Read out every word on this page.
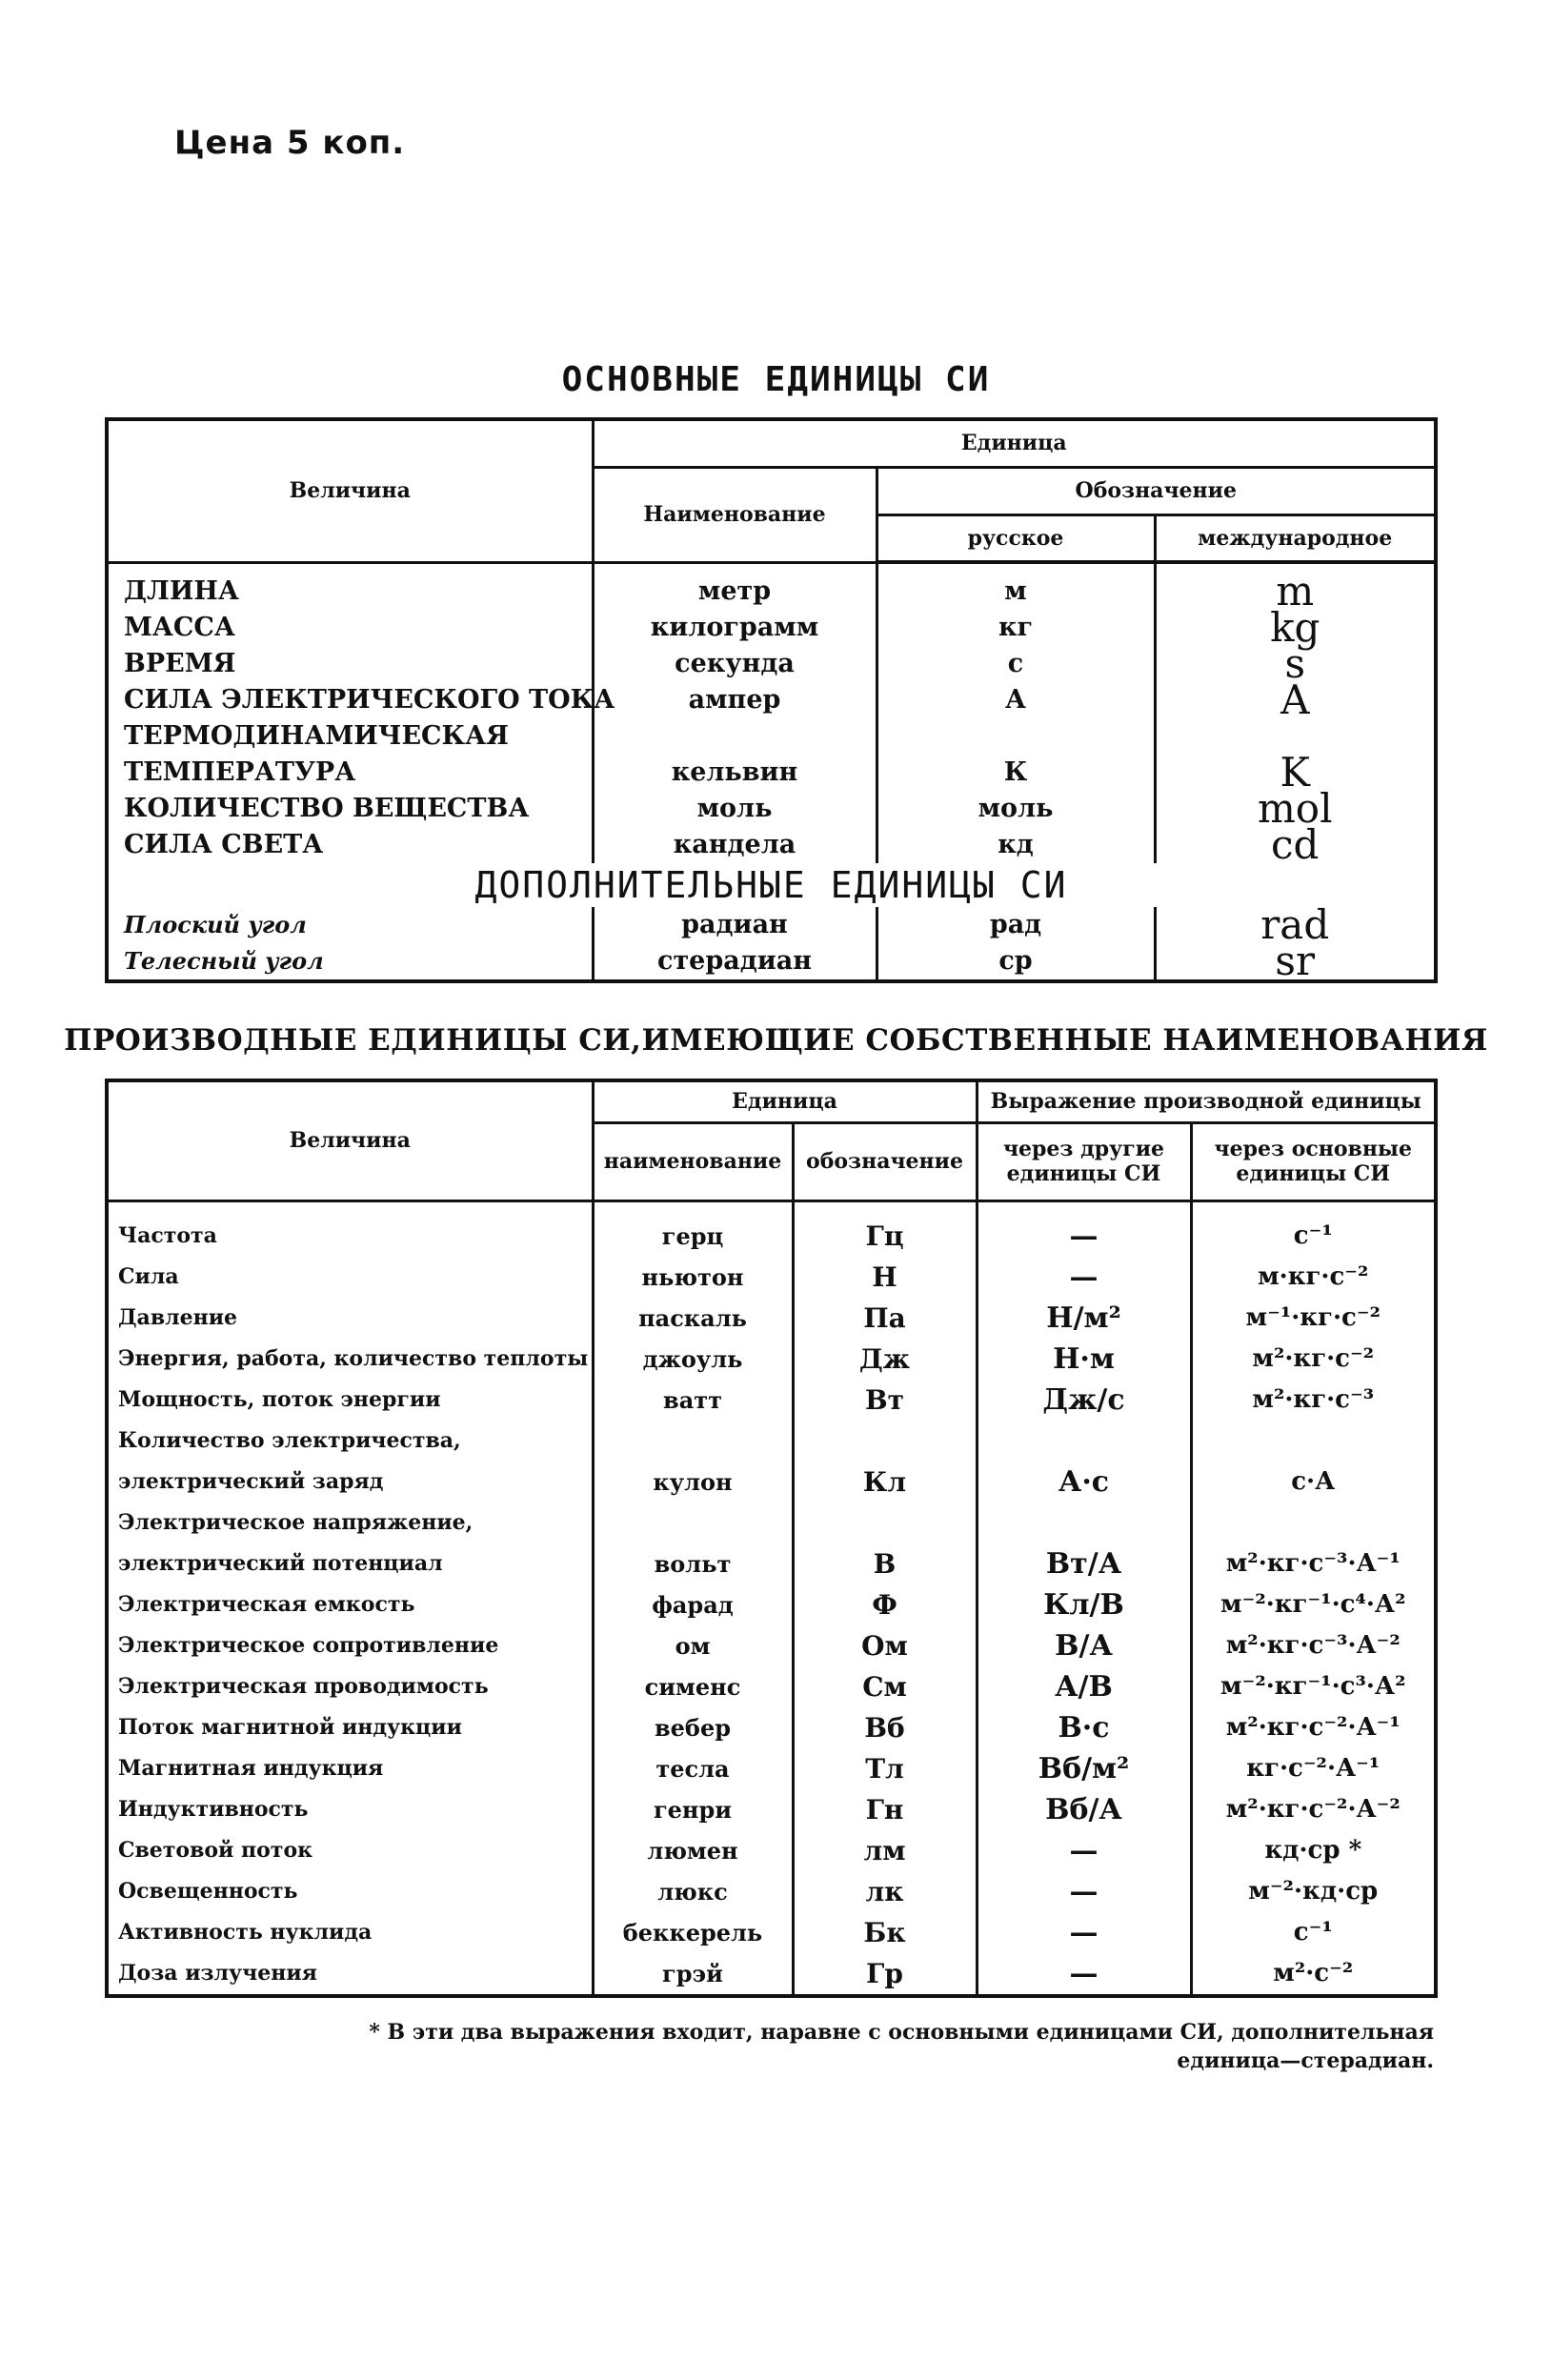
Цена 5 коп.
ОСНОВНЫЕ ЕДИНИЦЫ СИ
Величина	Единица		
	Наименование	Обозначение	
		русское	международное
ДЛИНА	метр	м	m
МАССА	килограмм	кг	kg
ВРЕМЯ	секунда	с	s
СИЛА ЭЛЕКТРИЧЕСКОГО ТОКА	ампер	А	A
ТЕРМОДИНАМИЧЕСКАЯ			
ТЕМПЕРАТУРА	кельвин	К	K
КОЛИЧЕСТВО ВЕЩЕСТВА	моль	моль	mol
СИЛА СВЕТА	кандела	кд	cd
ДОПОЛНИТЕЛЬНЫЕ ЕДИНИЦЫ СИ			
Плоский угол	радиан	рад	rad
Телесный угол	стерадиан	ср	sr
ПРОИЗВОДНЫЕ ЕДИНИЦЫ СИ,ИМЕЮЩИЕ СОБСТВЕННЫЕ НАИМЕНОВАНИЯ
Величина	Единица		Выражение производной единицы	
	наименование	обозначение	через другие единицы СИ	через основные единицы СИ
Частота	герц	Гц	—	с⁻¹
Сила	ньютон	Н	—	м·кг·с⁻²
Давление	паскаль	Па	Н/м²	м⁻¹·кг·с⁻²
Энергия, работа, количество теплоты	джоуль	Дж	Н·м	м²·кг·с⁻²
Мощность, поток энергии	ватт	Вт	Дж/с	м²·кг·с⁻³
Количество электричества,				
электрический заряд	кулон	Кл	А·с	с·А
Электрическое напряжение,				
электрический потенциал	вольт	В	Вт/А	м²·кг·с⁻³·А⁻¹
Электрическая емкость	фарад	Ф	Кл/В	м⁻²·кг⁻¹·с⁴·А²
Электрическое сопротивление	ом	Ом	В/А	м²·кг·с⁻³·А⁻²
Электрическая проводимость	сименс	См	А/В	м⁻²·кг⁻¹·с³·А²
Поток магнитной индукции	вебер	Вб	В·с	м²·кг·с⁻²·А⁻¹
Магнитная индукция	тесла	Тл	Вб/м²	кг·с⁻²·А⁻¹
Индуктивность	генри	Гн	Вб/А	м²·кг·с⁻²·А⁻²
Световой поток	люмен	лм	—	кд·ср *
Освещенность	люкс	лк	—	м⁻²·кд·ср
Активность нуклида	беккерель	Бк	—	с⁻¹
Доза излучения	грэй	Гр	—	м²·с⁻²
* В эти два выражения входит, наравне с основными единицами СИ, дополнительная
единица—стерадиан.
